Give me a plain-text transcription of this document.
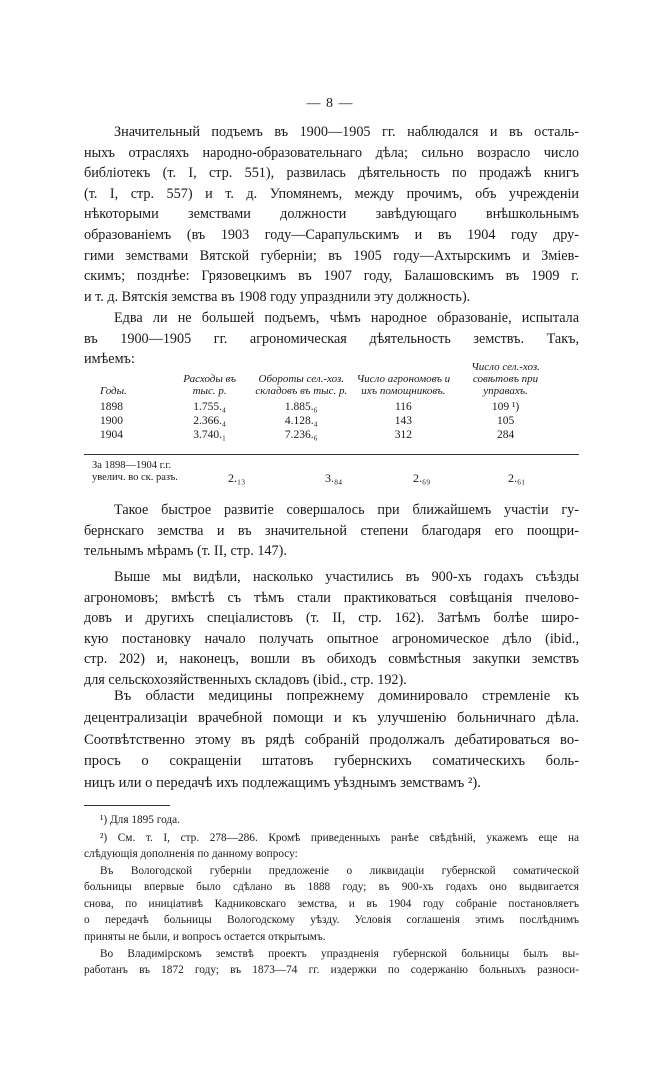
— 8 —
Значительный подъемъ въ 1900—1905 гг. наблюдался и въ осталь-
ныхъ отрасляхъ народно-образовательнаго дѣла; сильно возрасло число
библіотекъ (т. I, стр. 551), развилась дѣятельность по продажѣ книгъ
(т. I, стр. 557) и т. д. Упомянемъ, между прочимъ, объ учрежденіи
нѣкоторыми земствами должности завѣдующаго внѣшкольнымъ
образованіемъ (въ 1903 году—Сарапульскимъ и въ 1904 году дру-
гими земствами Вятской губерніи; въ 1905 году—Ахтырскимъ и Зміев-
скимъ; позднѣе: Грязовецкимъ въ 1907 году, Балашовскимъ въ 1909 г.
и т. д. Вятскія земства въ 1908 году упразднили эту должность).
Едва ли не большей подъемъ, чѣмъ народное образованіе, испытала
въ 1900—1905 гг. агрономическая дѣятельность земствъ. Такъ,
имѣемъ:
Годы.	Расходы въ тыс. р.	Обороты сел.-хоз. складовъ въ тыс. р.	Число агрономовъ и ихъ помощниковъ.	Число сел.-хоз. совѣтовъ при управахъ.
1898	1.755.₄	1.885.₆	116	109 ¹)
1900	2.366.₄	4.128.₄	143	105
1904	3.740.₁	7.236.₆	312	284
За 1898—1904 г.г. увелич. во ск. разъ.	2.₁₃	3.₈₄	2.₆₉	2.₆₁
Такое быстрое развитіе совершалось при ближайшемъ участіи гу-
бернскаго земства и въ значительной степени благодаря его поощри-
тельнымъ мѣрамъ (т. II, стр. 147).
Выше мы видѣли, насколько участились въ 900-хъ годахъ съѣзды
агрономовъ; вмѣстѣ съ тѣмъ стали практиковаться совѣщанія пчеловo-
довъ и другихъ спеціалистовъ (т. II, стр. 162). Затѣмъ болѣе широ-
кую постановку начало получать опытное агрономическое дѣло (ibid.,
стр. 202) и, наконецъ, вошли въ обиходъ совмѣстныя закупки земствъ
для сельскохозяйственныхъ складовъ (ibid., стр. 192).
Въ области медицины попрежнему доминировало стремленіе къ
децентрализаціи врачебной помощи и къ улучшенію больничнаго дѣла.
Соотвѣтственно этому въ рядѣ собраній продолжалъ дебатироваться во-
просъ о сокращеніи штатовъ губернскихъ соматическихъ боль-
ницъ или о передачѣ ихъ подлежащимъ уѣзднымъ земствамъ ²).
¹) Для 1895 года.
²) См. т. I, стр. 278—286. Кромѣ приведенныхъ ранѣе свѣдѣній, укажемъ еще на
слѣдующія дополненія по данному вопросу:
Въ Вологодской губерніи предложеніе о ликвидаціи губернской соматической
больницы впервые было сдѣлано въ 1888 году; въ 900-хъ годахъ оно выдвигается
снова, по иниціативѣ Кадниковскаго земства, и въ 1904 году собраніе постановляетъ
о передачѣ больницы Вологодскому уѣзду. Условія соглашенія этимъ послѣднимъ
приняты не были, и вопросъ остается открытымъ.
Во Владимірскомъ земствѣ проектъ упраздненія губернской больницы былъ вы-
работанъ въ 1872 году; въ 1873—74 гг. издержки по содержанію больныхъ разноси-
